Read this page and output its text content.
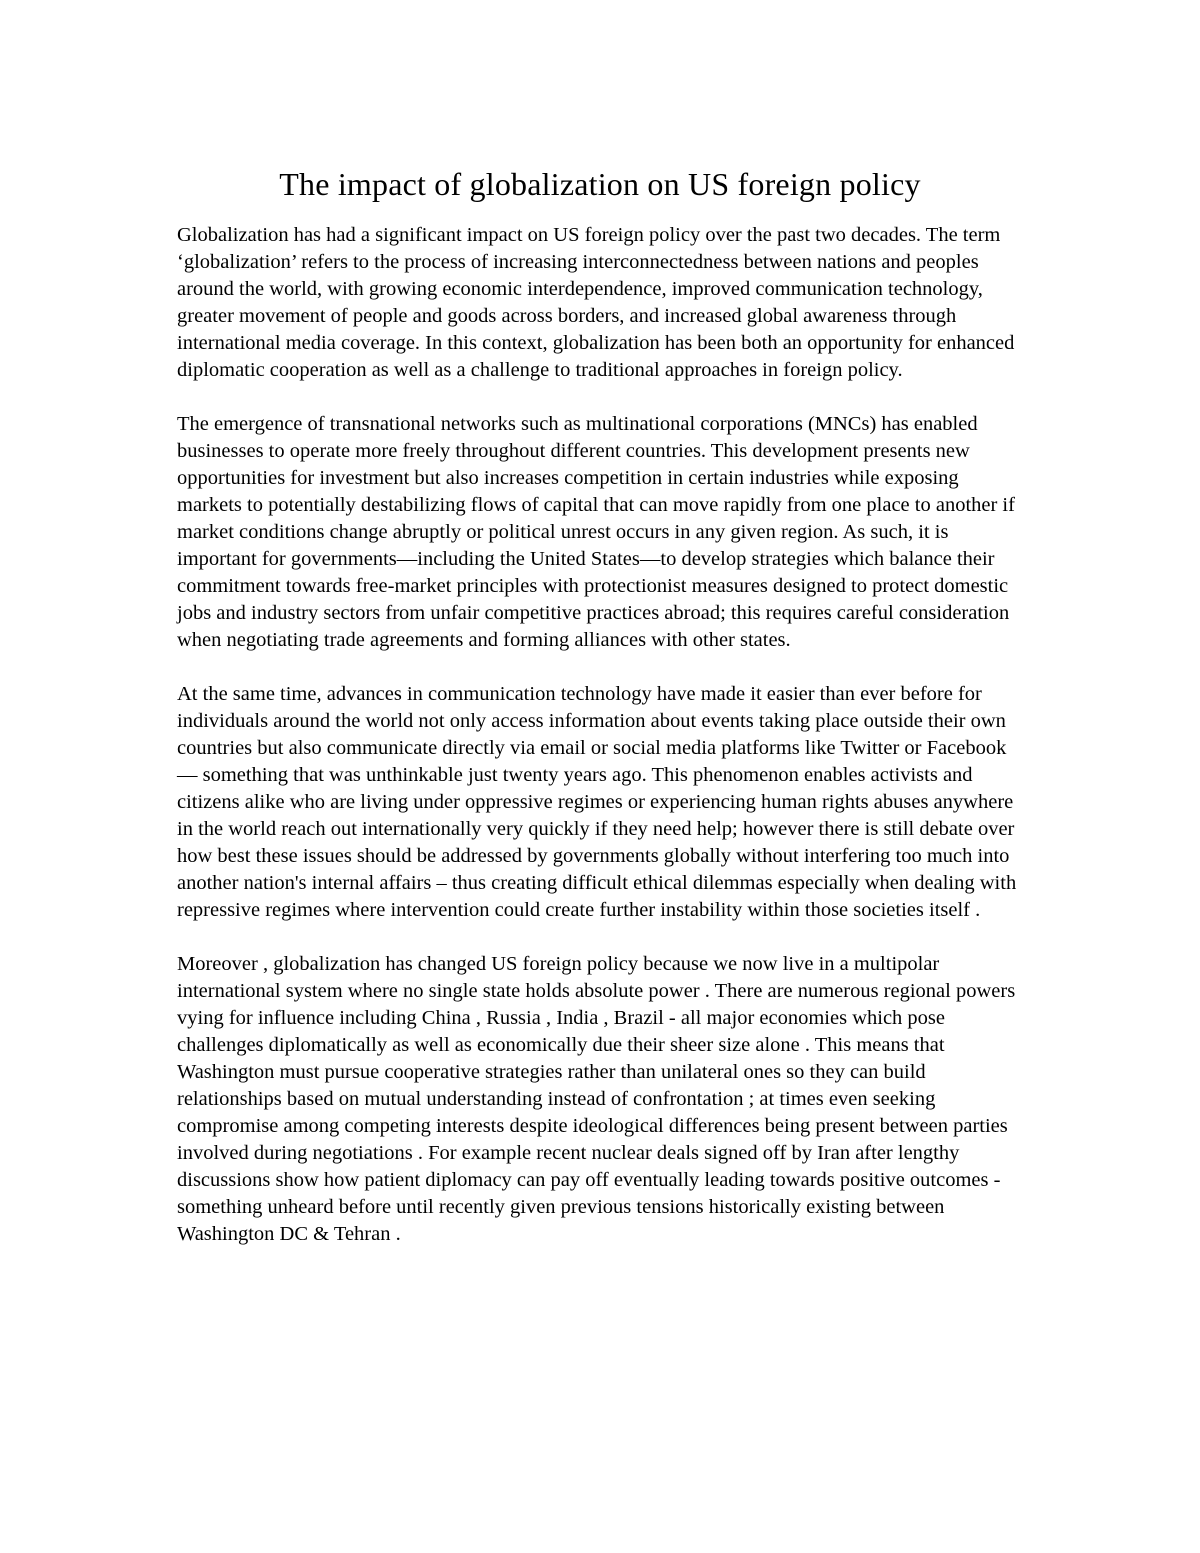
The impact of globalization on US foreign policy

Globalization has had a significant impact on US foreign policy over the past two decades. The term ‘globalization’ refers to the process of increasing interconnectedness between nations and peoples around the world, with growing economic interdependence, improved communication technology, greater movement of people and goods across borders, and increased global awareness through international media coverage. In this context, globalization has been both an opportunity for enhanced diplomatic cooperation as well as a challenge to traditional approaches in foreign policy.

The emergence of transnational networks such as multinational corporations (MNCs) has enabled businesses to operate more freely throughout different countries. This development presents new opportunities for investment but also increases competition in certain industries while exposing markets to potentially destabilizing flows of capital that can move rapidly from one place to another if market conditions change abruptly or political unrest occurs in any given region. As such, it is important for governments—including the United States—to develop strategies which balance their commitment towards free-market principles with protectionist measures designed to protect domestic jobs and industry sectors from unfair competitive practices abroad; this requires careful consideration when negotiating trade agreements and forming alliances with other states.

At the same time, advances in communication technology have made it easier than ever before for individuals around the world not only access information about events taking place outside their own countries but also communicate directly via email or social media platforms like Twitter or Facebook — something that was unthinkable just twenty years ago. This phenomenon enables activists and citizens alike who are living under oppressive regimes or experiencing human rights abuses anywhere in the world reach out internationally very quickly if they need help; however there is still debate over how best these issues should be addressed by governments globally without interfering too much into another nation's internal affairs – thus creating difficult ethical dilemmas especially when dealing with repressive regimes where intervention could create further instability within those societies itself .

Moreover , globalization has changed US foreign policy because we now live in a multipolar international system where no single state holds absolute power . There are numerous regional powers vying for influence including China , Russia , India , Brazil - all major economies which pose challenges diplomatically as well as economically due their sheer size alone . This means that Washington must pursue cooperative strategies rather than unilateral ones so they can build relationships based on mutual understanding instead of confrontation ; at times even seeking compromise among competing interests despite ideological differences being present between parties involved during negotiations . For example recent nuclear deals signed off by Iran after lengthy discussions show how patient diplomacy can pay off eventually leading towards positive outcomes - something unheard before until recently given previous tensions historically existing between Washington DC & Tehran .
